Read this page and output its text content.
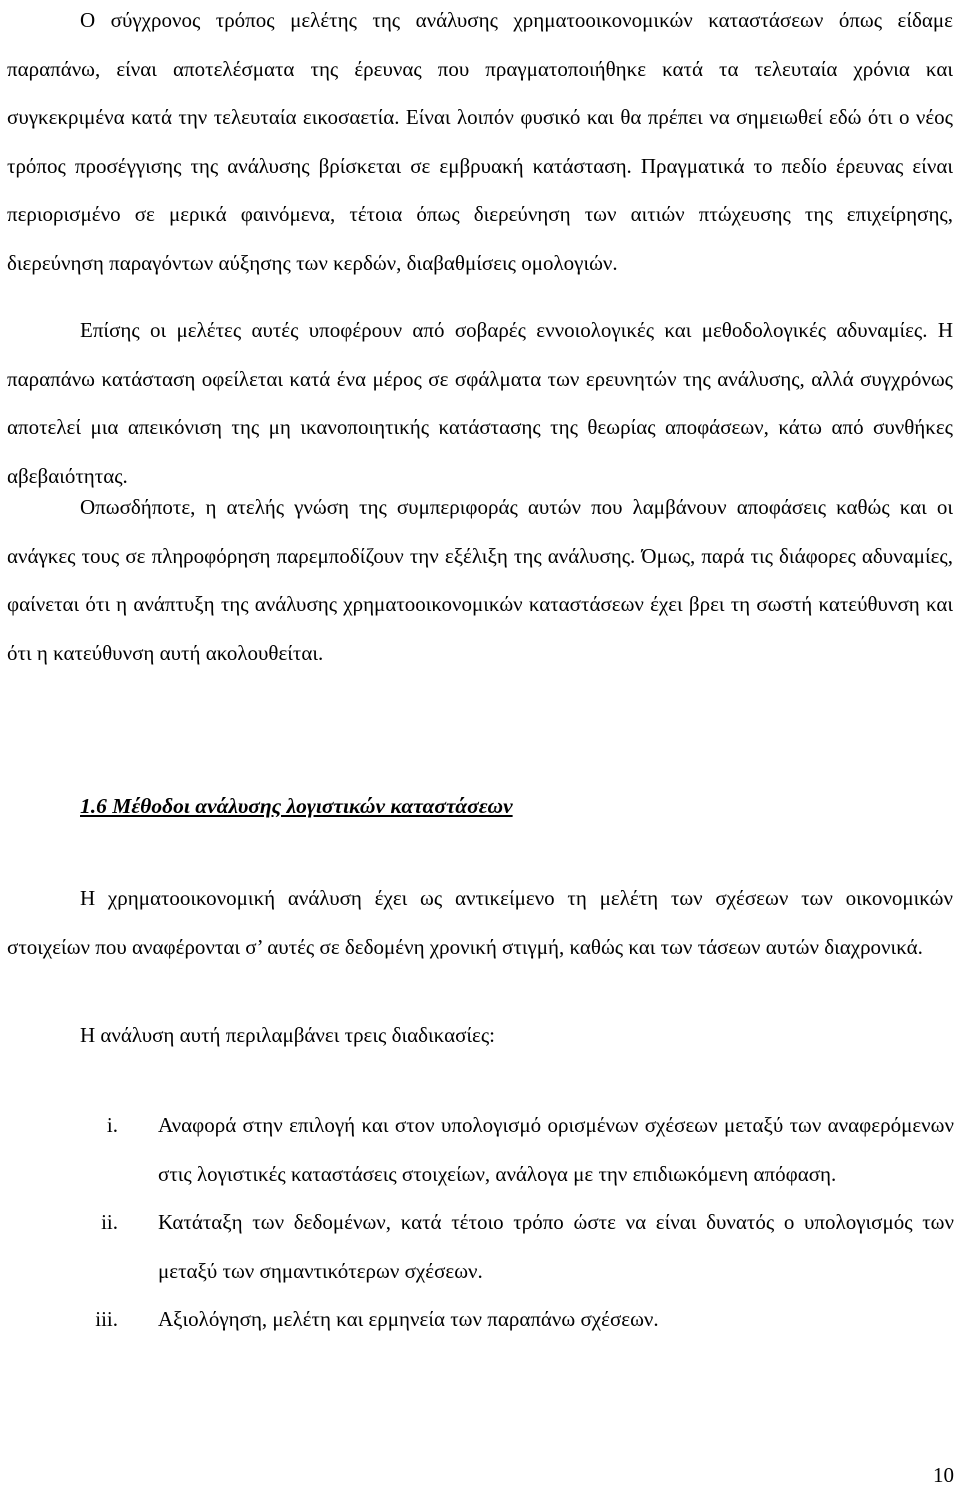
Ο σύγχρονος τρόπος μελέτης της ανάλυσης χρηματοοικονομικών καταστάσεων όπως είδαμε παραπάνω, είναι αποτελέσματα της έρευνας που πραγματοποιήθηκε κατά τα τελευταία χρόνια και συγκεκριμένα κατά την τελευταία εικοσαετία. Είναι λοιπόν φυσικό και θα πρέπει να σημειωθεί εδώ ότι ο νέος τρόπος προσέγγισης της ανάλυσης βρίσκεται σε εμβρυακή κατάσταση. Πραγματικά το πεδίο έρευνας είναι περιορισμένο σε μερικά φαινόμενα, τέτοια όπως διερεύνηση των αιτιών πτώχευσης της επιχείρησης, διερεύνηση παραγόντων αύξησης των κερδών, διαβαθμίσεις ομολογιών.

Επίσης οι μελέτες αυτές υποφέρουν από σοβαρές εννοιολογικές και μεθοδολογικές αδυναμίες. Η παραπάνω κατάσταση οφείλεται κατά ένα μέρος σε σφάλματα των ερευνητών της ανάλυσης, αλλά συγχρόνως αποτελεί μια απεικόνιση της μη ικανοποιητικής κατάστασης της θεωρίας αποφάσεων, κάτω από συνθήκες αβεβαιότητας.

Οπωσδήποτε, η ατελής γνώση της συμπεριφοράς αυτών που λαμβάνουν αποφάσεις καθώς και οι ανάγκες τους σε πληροφόρηση παρεμποδίζουν την εξέλιξη της ανάλυσης. Όμως, παρά τις διάφορες αδυναμίες, φαίνεται ότι η ανάπτυξη της ανάλυσης χρηματοοικονομικών καταστάσεων έχει βρει τη σωστή κατεύθυνση και ότι η κατεύθυνση αυτή ακολουθείται.

1.6 Μέθοδοι ανάλυσης λογιστικών καταστάσεων

Η χρηματοοικονομική ανάλυση έχει ως αντικείμενο τη μελέτη των σχέσεων των οικονομικών στοιχείων που αναφέρονται σ’ αυτές σε δεδομένη χρονική στιγμή, καθώς και των τάσεων αυτών διαχρονικά.

Η ανάλυση αυτή περιλαμβάνει τρεις διαδικασίες:

i. Αναφορά στην επιλογή και στον υπολογισμό ορισμένων σχέσεων μεταξύ των αναφερόμενων στις λογιστικές καταστάσεις στοιχείων, ανάλογα με την επιδιωκόμενη απόφαση.
ii. Κατάταξη των δεδομένων, κατά τέτοιο τρόπο ώστε να είναι δυνατός ο υπολογισμός των μεταξύ των σημαντικότερων σχέσεων.
iii. Αξιολόγηση, μελέτη και ερμηνεία των παραπάνω σχέσεων.
10
